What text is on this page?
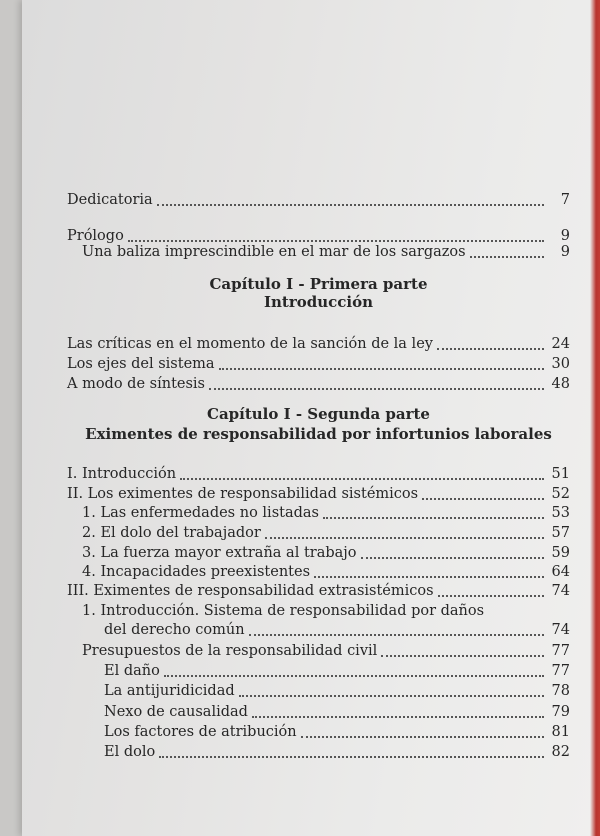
Dedicatoria	7
Prólogo	9
Una baliza imprescindible en el mar de los sargazos	9
Capítulo I - Primera parte
Introducción
Las críticas en el momento de la sanción de la ley	24
Los ejes del sistema	30
A modo de síntesis	48
Capítulo I - Segunda parte
Eximentes de responsabilidad por infortunios laborales
I. Introducción	51
II. Los eximentes de responsabilidad sistémicos	52
1. Las enfermedades no listadas	53
2. El dolo del trabajador	57
3. La fuerza mayor extraña al trabajo	59
4. Incapacidades preexistentes	64
III. Eximentes de responsabilidad extrasistémicos	74
1. Introducción. Sistema de responsabilidad por daños
del derecho común	74
Presupuestos de la responsabilidad civil	77
El daño	77
La antijuridicidad	78
Nexo de causalidad	79
Los factores de atribución	81
El dolo	82
